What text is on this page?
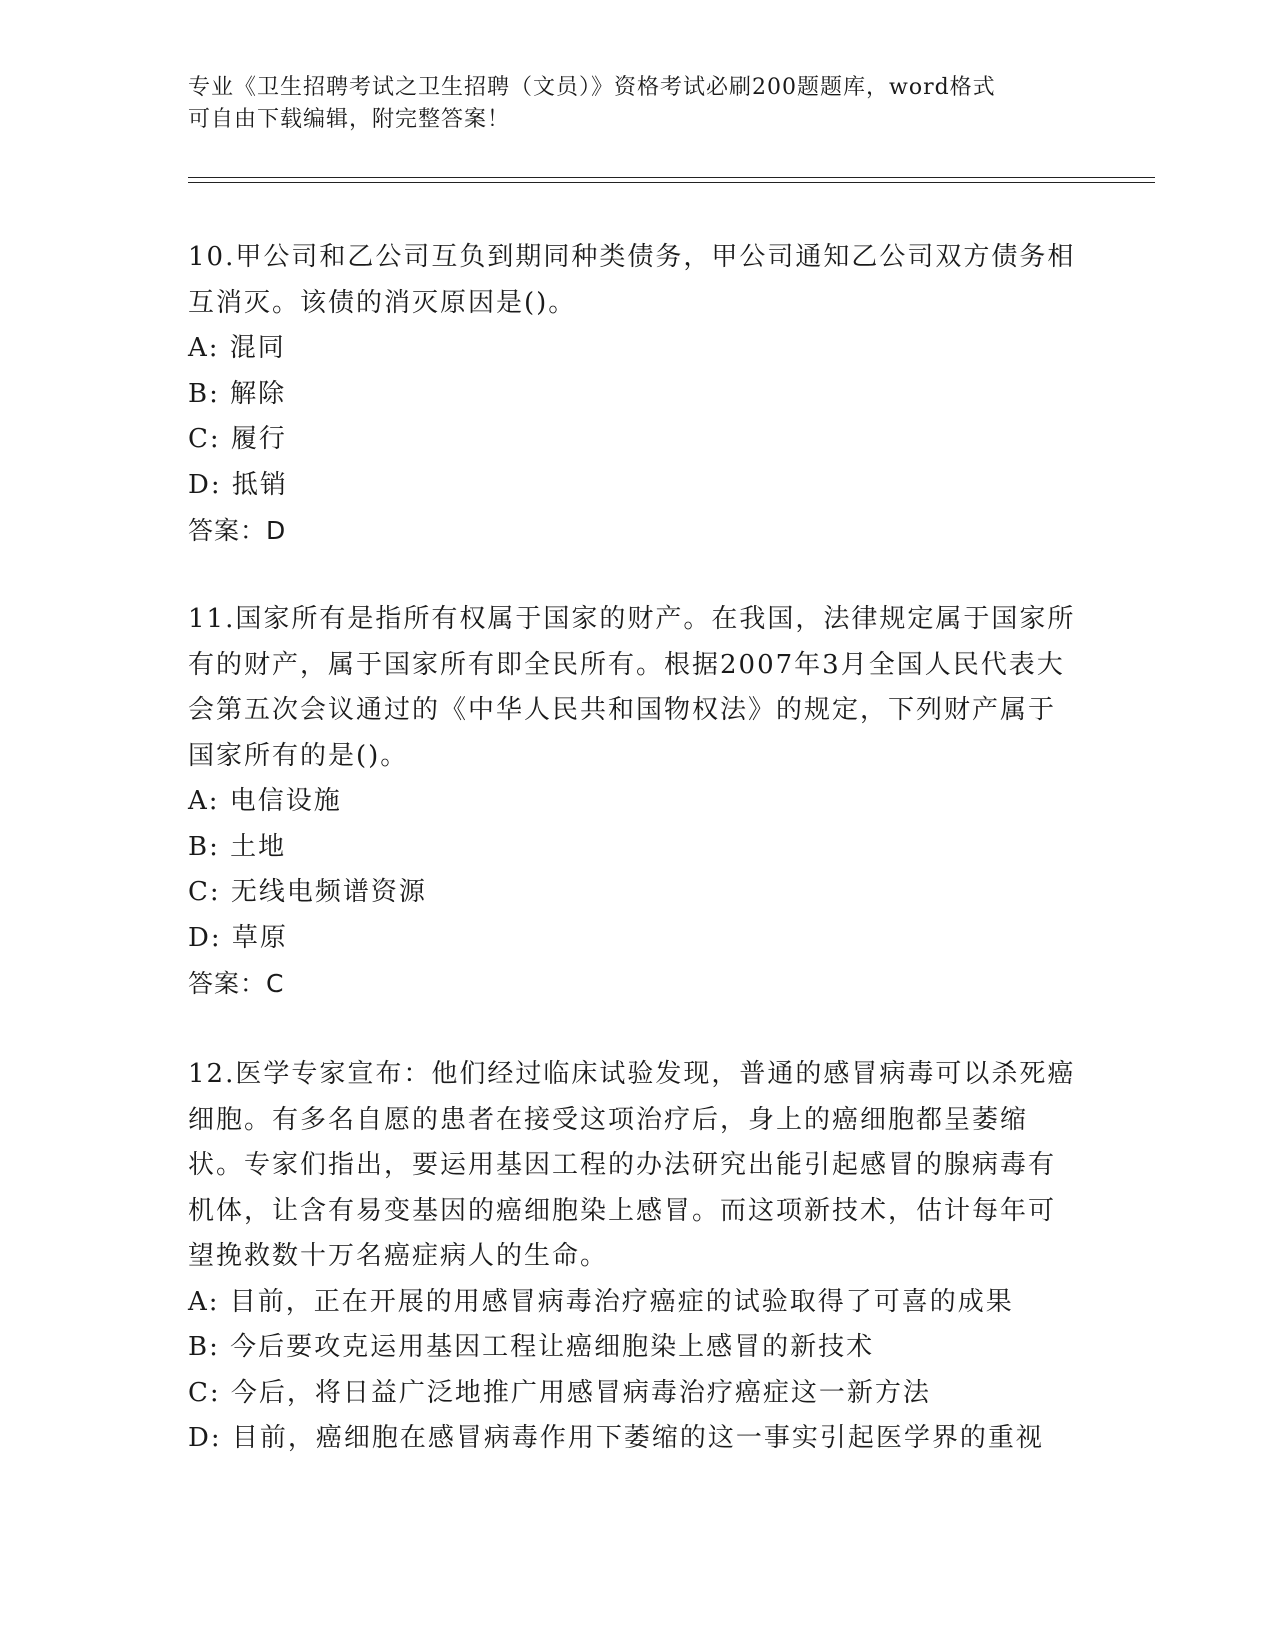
专业《卫生招聘考试之卫生招聘（文员）》资格考试必刷200题题库，word格式
可自由下载编辑，附完整答案！
10.甲公司和乙公司互负到期同种类债务，甲公司通知乙公司双方债务相互消灭。该债的消灭原因是()。
A: 混同
B: 解除
C: 履行
D: 抵销
答案：D
11.国家所有是指所有权属于国家的财产。在我国，法律规定属于国家所有的财产，属于国家所有即全民所有。根据2007年3月全国人民代表大会第五次会议通过的《中华人民共和国物权法》的规定，下列财产属于国家所有的是()。
A: 电信设施
B: 土地
C: 无线电频谱资源
D: 草原
答案：C
12.医学专家宣布：他们经过临床试验发现，普通的感冒病毒可以杀死癌细胞。有多名自愿的患者在接受这项治疗后，身上的癌细胞都呈萎缩状。专家们指出，要运用基因工程的办法研究出能引起感冒的腺病毒有机体，让含有易变基因的癌细胞染上感冒。而这项新技术，估计每年可望挽救数十万名癌症病人的生命。
A: 目前，正在开展的用感冒病毒治疗癌症的试验取得了可喜的成果
B: 今后要攻克运用基因工程让癌细胞染上感冒的新技术
C: 今后，将日益广泛地推广用感冒病毒治疗癌症这一新方法
D: 目前，癌细胞在感冒病毒作用下萎缩的这一事实引起医学界的重视
